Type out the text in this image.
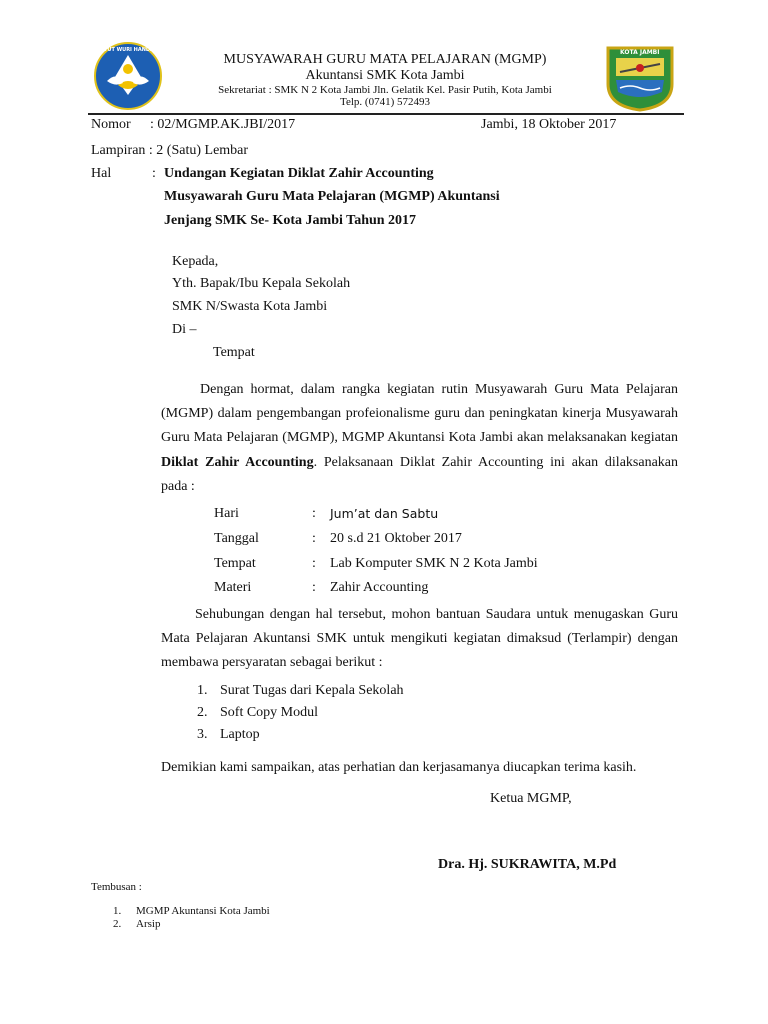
TUT WURI HANDAYANI	KOTA JAMBI
MUSYAWARAH GURU MATA PELAJARAN (MGMP)
Akuntansi SMK Kota Jambi
Sekretariat : SMK N 2 Kota Jambi Jln. Gelatik Kel. Pasir Putih, Kota Jambi
Telp. (0741) 572493
Nomor : 02/MGMP.AK.JBI/2017	Jambi, 18 Oktober 2017
Lampiran : 2 (Satu) Lembar
Hal	: Undangan Kegiatan Diklat Zahir Accounting
Musyawarah Guru Mata Pelajaran (MGMP) Akuntansi
Jenjang SMK Se- Kota Jambi Tahun 2017
Kepada,
Yth. Bapak/Ibu Kepala Sekolah
SMK N/Swasta Kota Jambi
Di –
Tempat
Dengan hormat, dalam rangka kegiatan rutin Musyawarah Guru Mata Pelajaran (MGMP) dalam pengembangan profeionalisme guru dan peningkatan kinerja Musyawarah Guru Mata Pelajaran (MGMP), MGMP Akuntansi Kota Jambi akan melaksanakan kegiatan Diklat Zahir Accounting. Pelaksanaan Diklat Zahir Accounting ini akan dilaksanakan pada :
Hari	: Jum’at dan Sabtu
Tanggal	: 20 s.d 21 Oktober 2017
Tempat	: Lab Komputer SMK N 2 Kota Jambi
Materi	: Zahir Accounting
Sehubungan dengan hal tersebut, mohon bantuan Saudara untuk menugaskan Guru Mata Pelajaran Akuntansi SMK untuk mengikuti kegiatan dimaksud (Terlampir) dengan membawa persyaratan sebagai berikut :
1. Surat Tugas dari Kepala Sekolah
2. Soft Copy Modul
3. Laptop
Demikian kami sampaikan, atas perhatian dan kerjasamanya diucapkan terima kasih.
Ketua MGMP,
Dra. Hj. SUKRAWITA, M.Pd
Tembusan :
1. MGMP Akuntansi Kota Jambi
2. Arsip
